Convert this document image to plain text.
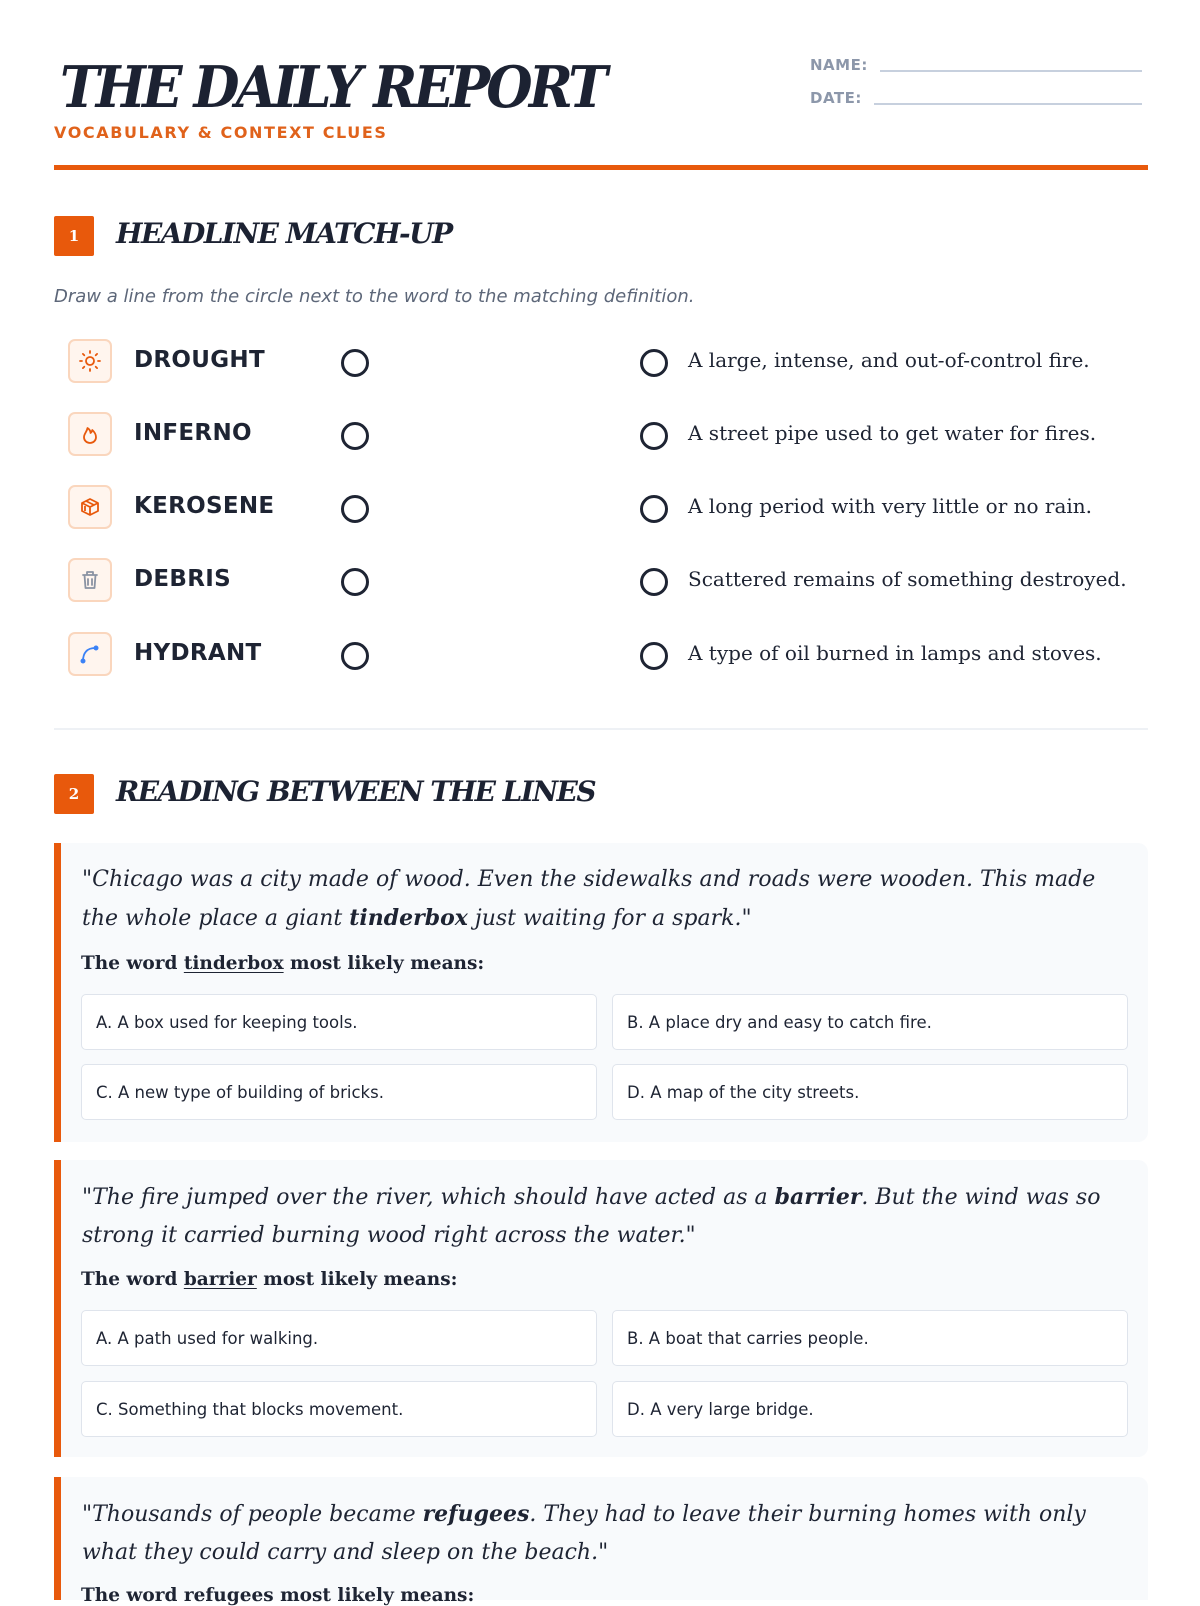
THE DAILY REPORT
VOCABULARY & CONTEXT CLUES
NAME:
DATE:
1	HEADLINE MATCH-UP
Draw a line from the circle next to the word to the matching definition.
DROUGHT	A large, intense, and out-of-control fire.
INFERNO	A street pipe used to get water for fires.
KEROSENE	A long period with very little or no rain.
DEBRIS	Scattered remains of something destroyed.
HYDRANT	A type of oil burned in lamps and stoves.
2	READING BETWEEN THE LINES
"Chicago was a city made of wood. Even the sidewalks and roads were wooden. This made the whole place a giant tinderbox just waiting for a spark."
The word tinderbox most likely means:
A. A box used for keeping tools.	B. A place dry and easy to catch fire.
C. A new type of building of bricks.	D. A map of the city streets.
"The fire jumped over the river, which should have acted as a barrier. But the wind was so strong it carried burning wood right across the water."
The word barrier most likely means:
A. A path used for walking.	B. A boat that carries people.
C. Something that blocks movement.	D. A very large bridge.
"Thousands of people became refugees. They had to leave their burning homes with only what they could carry and sleep on the beach."
The word refugees most likely means:
